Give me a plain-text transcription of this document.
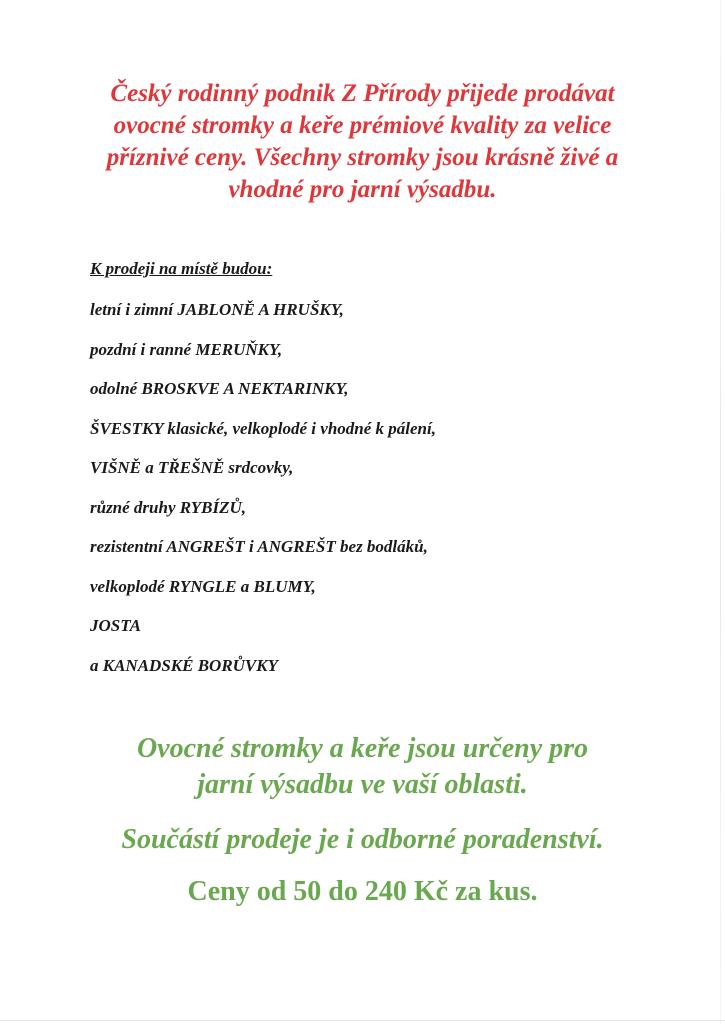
Český rodinný podnik Z Přírody přijede prodávat
ovocné stromky a keře prémiové kvality za velice
příznivé ceny. Všechny stromky jsou krásně živé a
vhodné pro jarní výsadbu.
K prodeji na místě budou:
letní i zimní JABLONĚ A HRUŠKY,
pozdní i ranné MERUŇKY,
odolné BROSKVE A NEKTARINKY,
ŠVESTKY klasické, velkoplodé i vhodné k pálení,
VIŠNĚ a TŘEŠNĚ srdcovky,
různé druhy RYBÍZŮ,
rezistentní ANGREŠT i ANGREŠT bez bodláků,
velkoplodé RYNGLE a BLUMY,
JOSTA
a KANADSKÉ BORŮVKY
Ovocné stromky a keře jsou určeny pro
jarní výsadbu ve vaší oblasti.
Součástí prodeje je i odborné poradenství.
Ceny od 50 do 240 Kč za kus.
